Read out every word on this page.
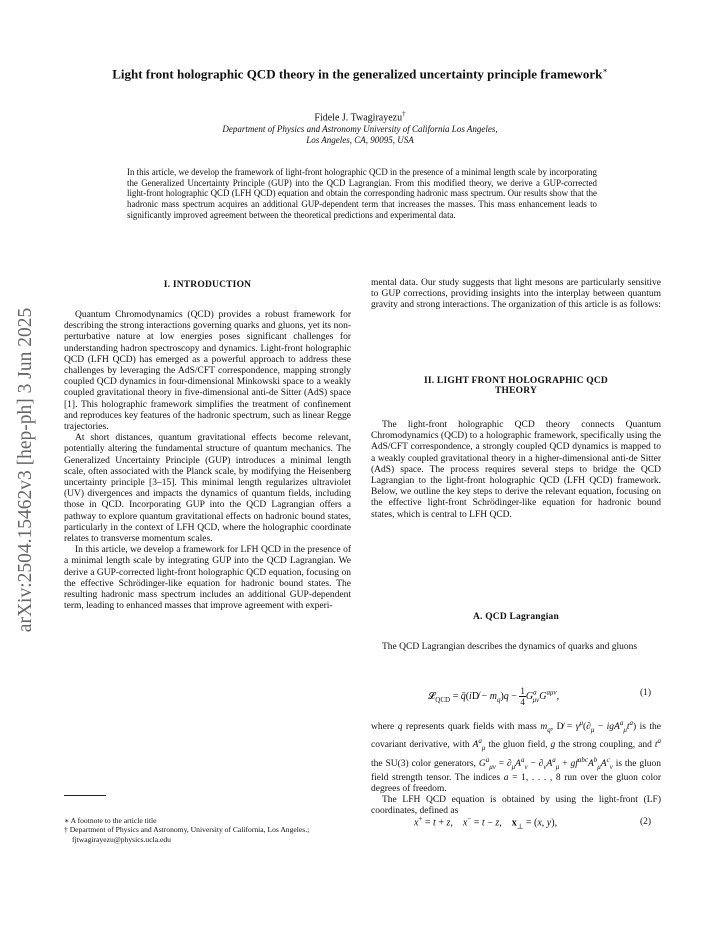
Light front holographic QCD theory in the generalized uncertainty principle framework∗
Fidele J. Twagirayezu†
Department of Physics and Astronomy University of California Los Angeles,
Los Angeles, CA, 90095, USA
In this article, we develop the framework of light-front holographic QCD in the presence of a minimal length scale by incorporating the Generalized Uncertainty Principle (GUP) into the QCD Lagrangian. From this modified theory, we derive a GUP-corrected light-front holographic QCD (LFH QCD) equation and obtain the corresponding hadronic mass spectrum. Our results show that the hadronic mass spectrum acquires an additional GUP-dependent term that increases the masses. This mass enhancement leads to significantly improved agreement between the theoretical predictions and experimental data.
arXiv:2504.15462v3 [hep-ph] 3 Jun 2025
I. INTRODUCTION

Quantum Chromodynamics (QCD) provides a robust framework for describing the strong interactions governing quarks and gluons, yet its non-perturbative nature at low energies poses significant challenges for understanding hadron spectroscopy and dynamics. Light-front holographic QCD (LFH QCD) has emerged as a powerful approach to address these challenges by leveraging the AdS/CFT correspondence, mapping strongly coupled QCD dynamics in four-dimensional Minkowski space to a weakly coupled gravitational theory in five-dimensional anti-de Sitter (AdS) space [1]. This holographic framework simplifies the treatment of confinement and reproduces key features of the hadronic spectrum, such as linear Regge trajectories.

At short distances, quantum gravitational effects become relevant, potentially altering the fundamental structure of quantum mechanics. The Generalized Uncertainty Principle (GUP) introduces a minimal length scale, often associated with the Planck scale, by modifying the Heisenberg uncertainty principle [3–15]. This minimal length regularizes ultraviolet (UV) divergences and impacts the dynamics of quantum fields, including those in QCD. Incorporating GUP into the QCD Lagrangian offers a pathway to explore quantum gravitational effects on hadronic bound states, particularly in the context of LFH QCD, where the holographic coordinate relates to transverse momentum scales.

In this article, we develop a framework for LFH QCD in the presence of a minimal length scale by integrating GUP into the QCD Lagrangian. We derive a GUP-corrected light-front holographic QCD equation, focusing on the effective Schrödinger-like equation for hadronic bound states. The resulting hadronic mass spectrum includes an additional GUP-dependent term, leading to enhanced masses that improve agreement with experi-

∗ A footnote to the article title
† Department of Physics and Astronomy, University of California, Los Angeles.; fjtwagirayezu@physics.ucla.edu

mental data. Our study suggests that light mesons are particularly sensitive to GUP corrections, providing insights into the interplay between quantum gravity and strong interactions. The organization of this article is as follows:

II. LIGHT FRONT HOLOGRAPHIC QCD
THEORY

The light-front holographic QCD theory connects Quantum Chromodynamics (QCD) to a holographic framework, specifically using the AdS/CFT correspondence, a strongly coupled QCD dynamics is mapped to a weakly coupled gravitational theory in a higher-dimensional anti-de Sitter (AdS) space. The process requires several steps to bridge the QCD Lagrangian to the light-front holographic QCD (LFH QCD) framework. Below, we outline the key steps to derive the relevant equation, focusing on the effective light-front Schrödinger-like equation for hadronic bound states, which is central to LFH QCD.

A. QCD Lagrangian

The QCD Lagrangian describes the dynamics of quarks and gluons

𝓛$_{QCD}$ = q̄(iD̸ − $m_q)q - \frac{1}{4} G^a_{\mu\nu}G^{a\mu\nu}$,	(1)

where q represents quark fields with mass $m_q$, D̸ = $\gamma^\mu(\partial_\mu - igA^a_\mu t^a)$ is the covariant derivative, with $A^a_\mu$ the gluon field, g the strong coupling, and $t^a$ the SU(3) color generators, $G^a_{\mu\nu} = \partial_\mu A^a_\nu - \partial_\nu A^a_\mu + gf^{abc}A^b_\mu A^c_\nu$ is the gluon field strength tensor. The indices a = 1, . . . , 8 run over the gluon color degrees of freedom.

The LFH QCD equation is obtained by using the light-front (LF) coordinates, defined as

x+ = t + z,    x− = t − z,    $x_\perp = (x$, y),	(2)
